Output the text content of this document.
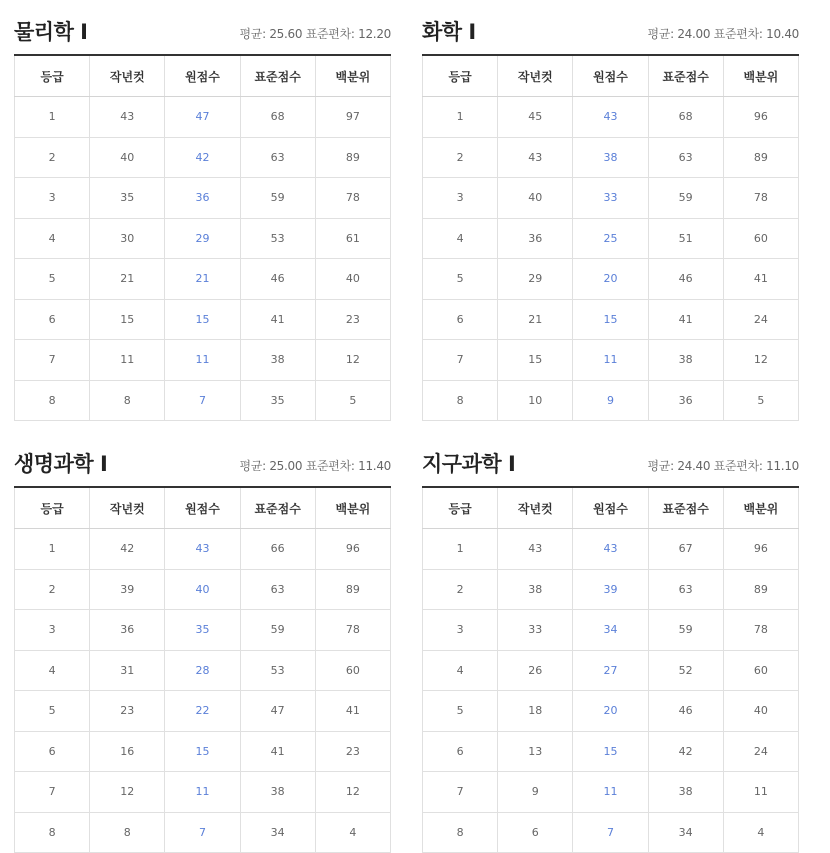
물리학 Ⅰ	평균: 25.60 표준편차: 12.20
등급	작년컷	원점수	표준점수	백분위
1	43	47	68	97
2	40	42	63	89
3	35	36	59	78
4	30	29	53	61
5	21	21	46	40
6	15	15	41	23
7	11	11	38	12
8	8	7	35	5
화학 Ⅰ	평균: 24.00 표준편차: 10.40
등급	작년컷	원점수	표준점수	백분위
1	45	43	68	96
2	43	38	63	89
3	40	33	59	78
4	36	25	51	60
5	29	20	46	41
6	21	15	41	24
7	15	11	38	12
8	10	9	36	5
생명과학 Ⅰ	평균: 25.00 표준편차: 11.40
등급	작년컷	원점수	표준점수	백분위
1	42	43	66	96
2	39	40	63	89
3	36	35	59	78
4	31	28	53	60
5	23	22	47	41
6	16	15	41	23
7	12	11	38	12
8	8	7	34	4
지구과학 Ⅰ	평균: 24.40 표준편차: 11.10
등급	작년컷	원점수	표준점수	백분위
1	43	43	67	96
2	38	39	63	89
3	33	34	59	78
4	26	27	52	60
5	18	20	46	40
6	13	15	42	24
7	9	11	38	11
8	6	7	34	4
